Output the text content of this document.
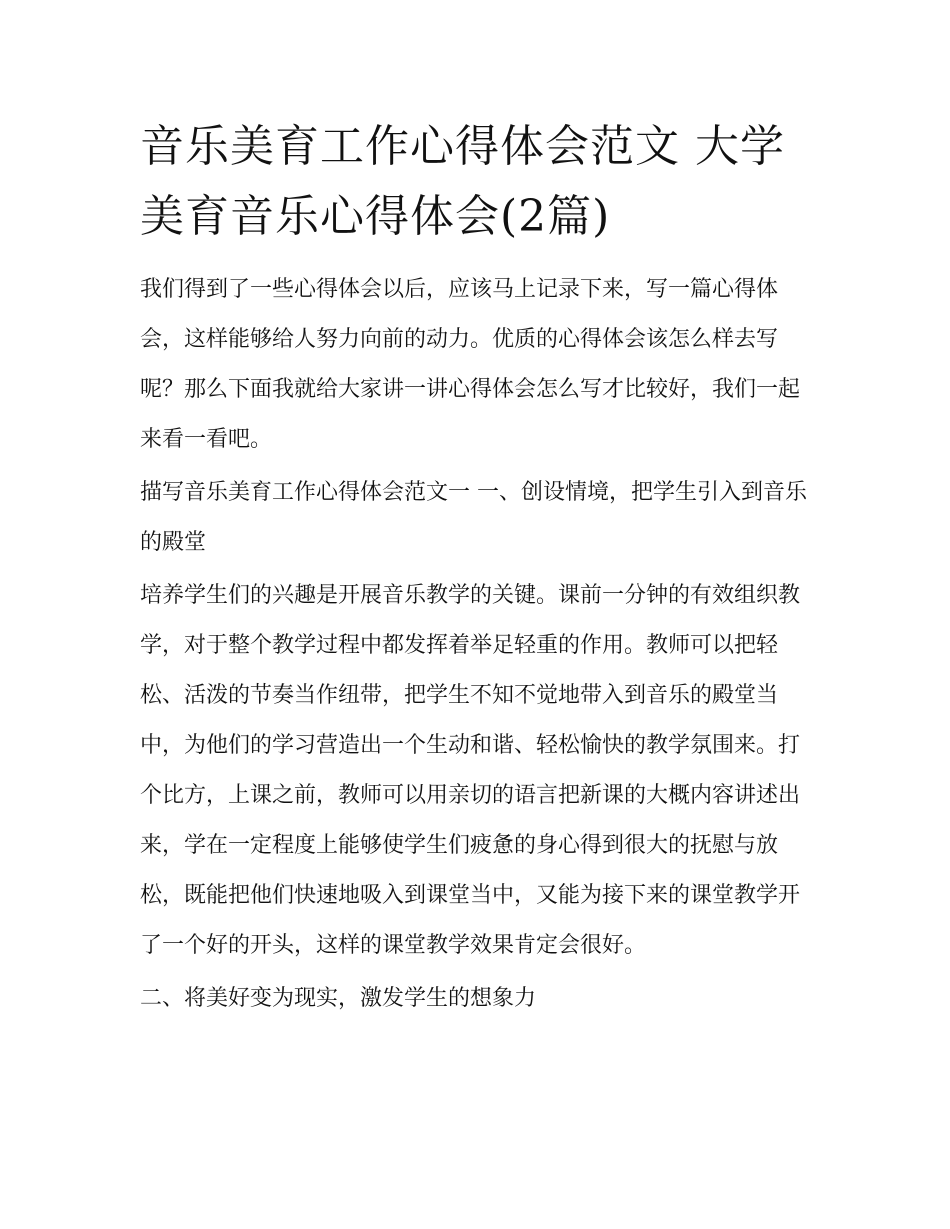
音乐美育工作心得体会范文 大学美育音乐心得体会(2篇)

我们得到了一些心得体会以后，应该马上记录下来，写一篇心得体会，这样能够给人努力向前的动力。优质的心得体会该怎么样去写呢？那么下面我就给大家讲一讲心得体会怎么写才比较好，我们一起来看一看吧。

描写音乐美育工作心得体会范文一 一、创设情境，把学生引入到音乐的殿堂

培养学生们的兴趣是开展音乐教学的关键。课前一分钟的有效组织教学，对于整个教学过程中都发挥着举足轻重的作用。教师可以把轻松、活泼的节奏当作纽带，把学生不知不觉地带入到音乐的殿堂当中，为他们的学习营造出一个生动和谐、轻松愉快的教学氛围来。打个比方，上课之前，教师可以用亲切的语言把新课的大概内容讲述出来，学在一定程度上能够使学生们疲惫的身心得到很大的抚慰与放松，既能把他们快速地吸入到课堂当中，又能为接下来的课堂教学开了一个好的开头，这样的课堂教学效果肯定会很好。

二、将美好变为现实，激发学生的想象力
